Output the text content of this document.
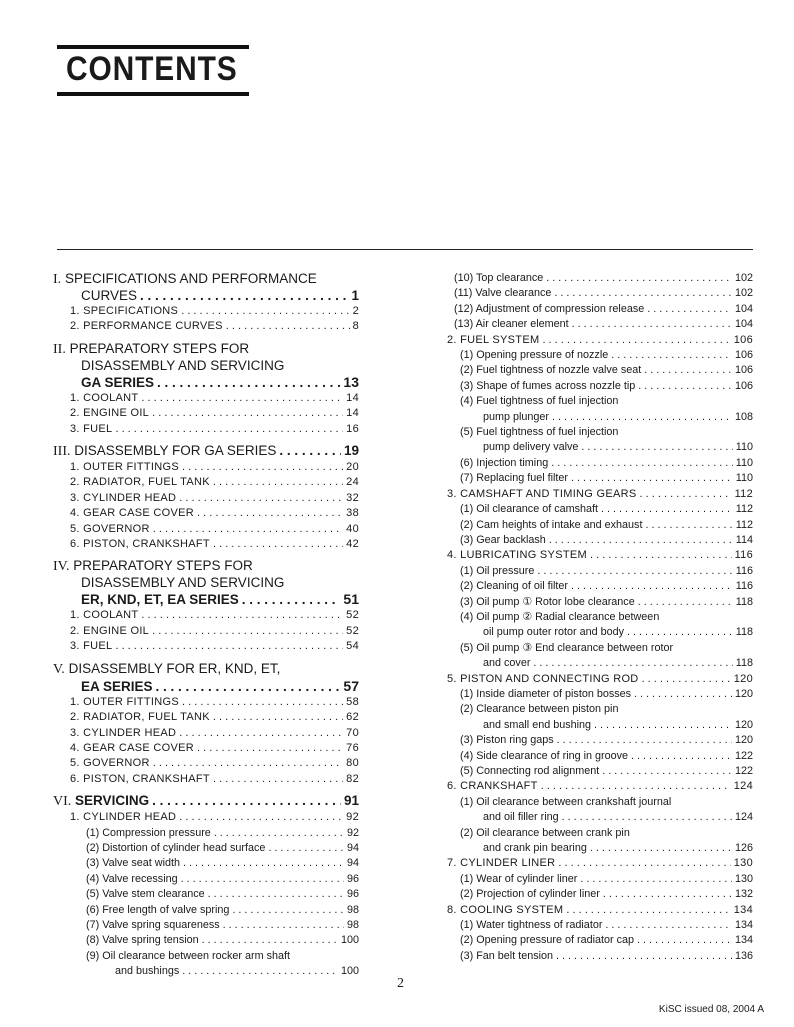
CONTENTS
I. SPECIFICATIONS AND PERFORMANCE
CURVES . . .	1
1. SPECIFICATIONS . . .	2
2. PERFORMANCE CURVES . . .	8
II. PREPARATORY STEPS FOR
DISASSEMBLY AND SERVICING
GA SERIES . . .	13
1. COOLANT . . .	14
2. ENGINE OIL . . .	14
3. FUEL . . .	16
III. DISASSEMBLY FOR GA SERIES . . .	19
1. OUTER FITTINGS . . .	20
2. RADIATOR, FUEL TANK . . .	24
3. CYLINDER HEAD . . .	32
4. GEAR CASE COVER . . .	38
5. GOVERNOR . . .	40
6. PISTON, CRANKSHAFT . . .	42
IV. PREPARATORY STEPS FOR
DISASSEMBLY AND SERVICING
ER, KND, ET, EA SERIES . . .	51
1. COOLANT . . .	52
2. ENGINE OIL . . .	52
3. FUEL . . .	54
V. DISASSEMBLY FOR ER, KND, ET,
EA SERIES . . .	57
1. OUTER FITTINGS . . .	58
2. RADIATOR, FUEL TANK . . .	62
3. CYLINDER HEAD . . .	70
4. GEAR CASE COVER . . .	76
5. GOVERNOR . . .	80
6. PISTON, CRANKSHAFT . . .	82
VI. SERVICING . . .	91
1. CYLINDER HEAD . . .	92
(1) Compression pressure . . .	92
(2) Distortion of cylinder head surface . . .	94
(3) Valve seat width . . .	94
(4) Valve recessing . . .	96
(5) Valve stem clearance . . .	96
(6) Free length of valve spring . . .	98
(7) Valve spring squareness . . .	98
(8) Valve spring tension . . .	100
(9) Oil clearance between rocker arm shaft
and bushings . . .	100
(10) Top clearance . . .	102
(11) Valve clearance . . .	102
(12) Adjustment of compression release . . .	104
(13) Air cleaner element . . .	104
2. FUEL SYSTEM . . .	106
(1) Opening pressure of nozzle . . .	106
(2) Fuel tightness of nozzle valve seat . . .	106
(3) Shape of fumes across nozzle tip . . .	106
(4) Fuel tightness of fuel injection
pump plunger . . .	108
(5) Fuel tightness of fuel injection
pump delivery valve . . .	110
(6) Injection timing . . .	110
(7) Replacing fuel filter . . .	110
3. CAMSHAFT AND TIMING GEARS . . .	112
(1) Oil clearance of camshaft . . .	112
(2) Cam heights of intake and exhaust . . .	112
(3) Gear backlash . . .	114
4. LUBRICATING SYSTEM . . .	116
(1) Oil pressure . . .	116
(2) Cleaning of oil filter . . .	116
(3) Oil pump ① Rotor lobe clearance . . .	118
(4) Oil pump ② Radial clearance between
oil pump outer rotor and body . . .	118
(5) Oil pump ③ End clearance between rotor
and cover . . .	118
5. PISTON AND CONNECTING ROD . . .	120
(1) Inside diameter of piston bosses . . .	120
(2) Clearance between piston pin
and small end bushing . . .	120
(3) Piston ring gaps . . .	120
(4) Side clearance of ring in groove . . .	122
(5) Connecting rod alignment . . .	122
6. CRANKSHAFT . . .	124
(1) Oil clearance between crankshaft journal
and oil filler ring . . .	124
(2) Oil clearance between crank pin
and crank pin bearing . . .	126
7. CYLINDER LINER . . .	130
(1) Wear of cylinder liner . . .	130
(2) Projection of cylinder liner . . .	132
8. COOLING SYSTEM . . .	134
(1) Water tightness of radiator . . .	134
(2) Opening pressure of radiator cap . . .	134
(3) Fan belt tension . . .	136
2
KiSC issued 08, 2004 A
